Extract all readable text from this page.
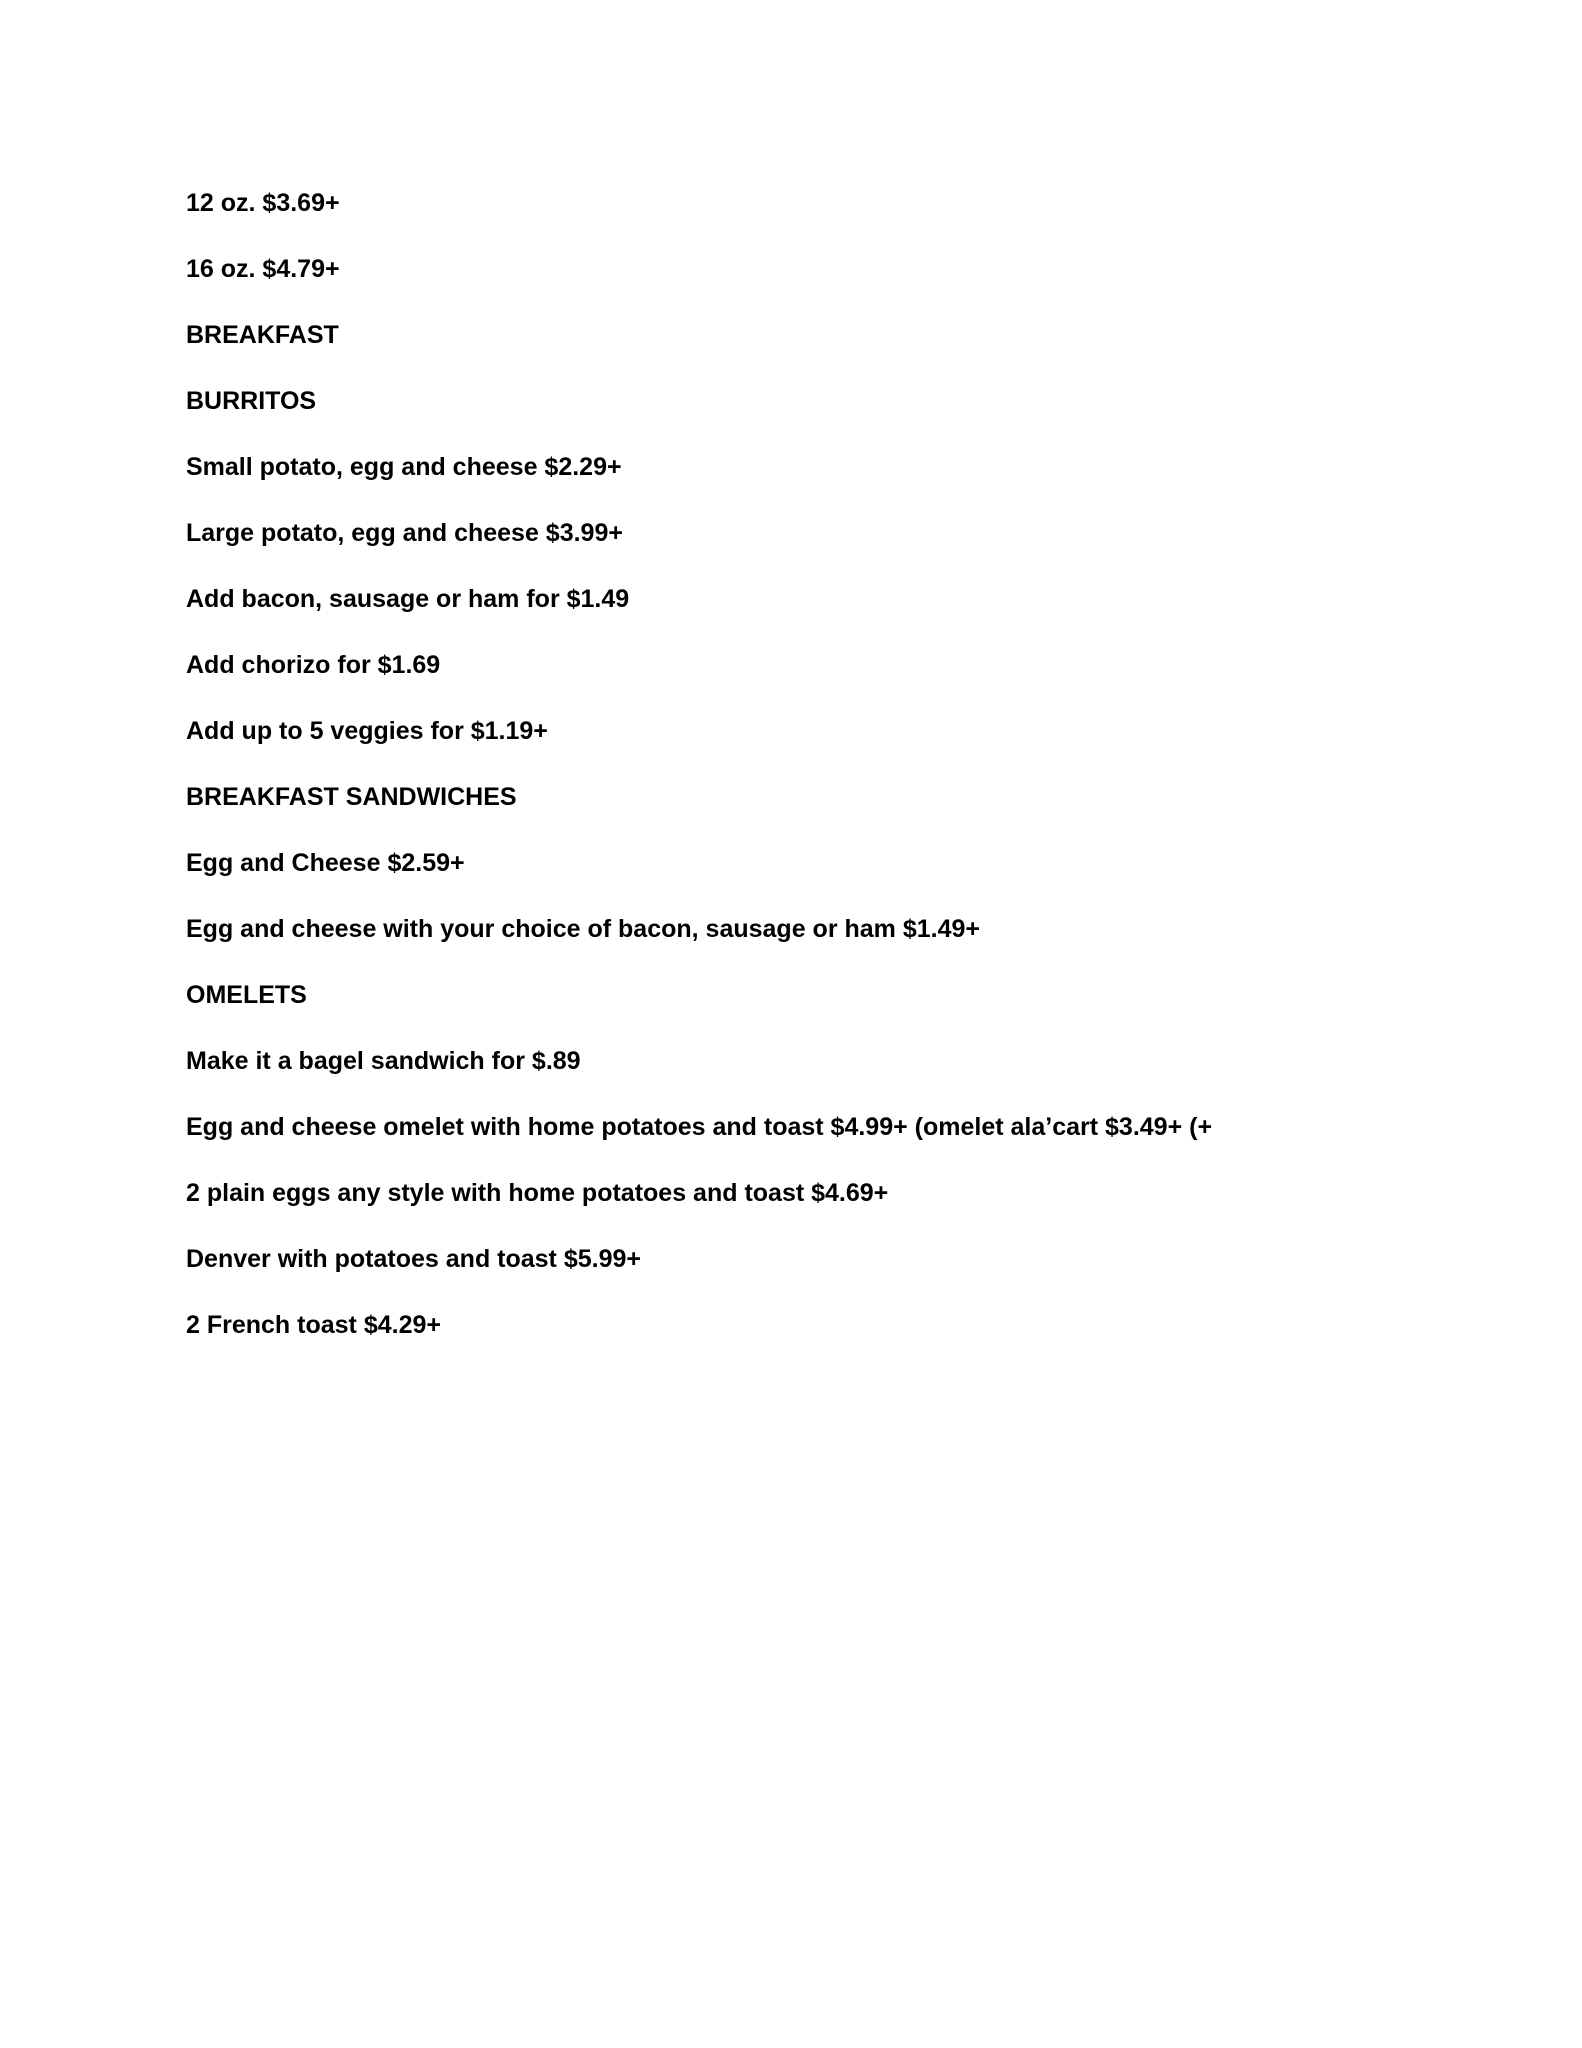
12 oz. $3.69+
16 oz. $4.79+
BREAKFAST
BURRITOS
Small potato, egg and cheese $2.29+
Large potato, egg and cheese $3.99+
Add bacon, sausage or ham for $1.49
Add chorizo for $1.69
Add up to 5 veggies for $1.19+
BREAKFAST SANDWICHES
Egg and Cheese $2.59+
Egg and cheese with your choice of bacon, sausage or ham $1.49+
OMELETS
Make it a bagel sandwich for $.89
Egg and cheese omelet with home potatoes and toast $4.99+ (omelet ala’cart $3.49+ (+
2 plain eggs any style with home potatoes and toast $4.69+
Denver with potatoes and toast $5.99+
2 French toast $4.29+
